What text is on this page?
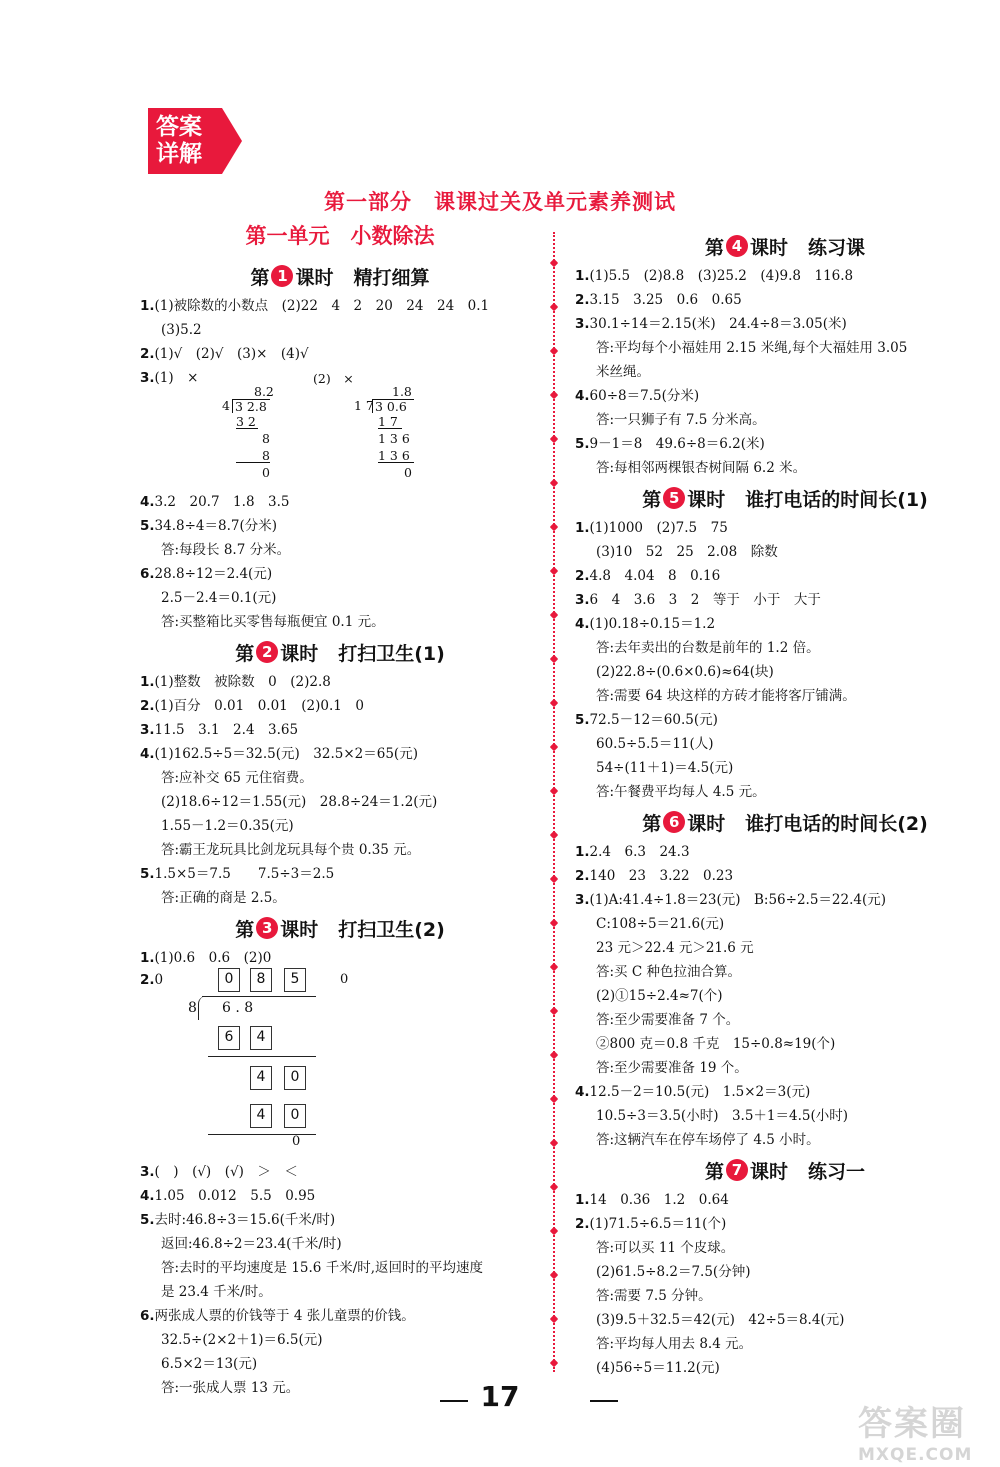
答案
详解
第一部分　课课过关及单元素养测试
第一单元　小数除法
第 1 课时 精打细算
1.(1)被除数的小数点　(2)22　4　2　20　24　24　0.1
(3)5.2
2.(1)√　(2)√　(3)×　(4)√
3.(1)　×	(2)　×
8.2
4 3 2.8
3 2
8
8
0
1.8
1 7 3 0.6
1 7
1 3 6
1 3 6
0
4.3.2　20.7　1.8　3.5
5.34.8÷4＝8.7(分米)
答:每段长 8.7 分米。
6.28.8÷12＝2.4(元)
2.5－2.4＝0.1(元)
答:买整箱比买零售每瓶便宜 0.1 元。
第 2 课时 打扫卫生(1)
1.(1)整数　被除数　0　(2)2.8
2.(1)百分　0.01　0.01　(2)0.1　0
3.11.5　3.1　2.4　3.65
4.(1)162.5÷5＝32.5(元)　32.5×2＝65(元)
答:应补交 65 元住宿费。
(2)18.6÷12＝1.55(元)　28.8÷24＝1.2(元)
1.55－1.2＝0.35(元)
答:霸王龙玩具比剑龙玩具每个贵 0.35 元。
5.1.5×5＝7.5　　7.5÷3＝2.5
答:正确的商是 2.5。
第 3 课时 打扫卫生(2)
1.(1)0.6　0.6　(2)0
2.0	0
0	8	5
8 6 . 8
6	4
4	0
4	0
0
3.(　)　(√)　(√)　＞　＜
4.1.05　0.012　5.5　0.95
5.去时:46.8÷3＝15.6(千米/时)
返回:46.8÷2＝23.4(千米/时)
答:去时的平均速度是 15.6 千米/时,返回时的平均速度
是 23.4 千米/时。
6.两张成人票的价钱等于 4 张儿童票的价钱。
32.5÷(2×2＋1)＝6.5(元)
6.5×2＝13(元)
答:一张成人票 13 元。
第 4 课时 练习课
1.(1)5.5　(2)8.8　(3)25.2　(4)9.8　116.8
2.3.15　3.25　0.6　0.65
3.30.1÷14＝2.15(米)　24.4÷8＝3.05(米)
答:平均每个小福娃用 2.15 米绳,每个大福娃用 3.05
米丝绳。
4.60÷8＝7.5(分米)
答:一只狮子有 7.5 分米高。
5.9－1＝8　49.6÷8＝6.2(米)
答:每相邻两棵银杏树间隔 6.2 米。
第 5 课时 谁打电话的时间长(1)
1.(1)1000　(2)7.5　75
(3)10　52　25　2.08　除数
2.4.8　4.04　8　0.16
3.6　4　3.6　3　2　等于　小于　大于
4.(1)0.18÷0.15＝1.2
答:去年卖出的台数是前年的 1.2 倍。
(2)22.8÷(0.6×0.6)≈64(块)
答:需要 64 块这样的方砖才能将客厅铺满。
5.72.5－12＝60.5(元)
60.5÷5.5＝11(人)
54÷(11＋1)＝4.5(元)
答:午餐费平均每人 4.5 元。
第 6 课时 谁打电话的时间长(2)
1.2.4　6.3　24.3
2.140　23　3.22　0.23
3.(1)A:41.4÷1.8＝23(元)　B:56÷2.5＝22.4(元)
C:108÷5＝21.6(元)
23 元＞22.4 元＞21.6 元
答:买 C 种色拉油合算。
(2)①15÷2.4≈7(个)
答:至少需要准备 7 个。
②800 克＝0.8 千克　15÷0.8≈19(个)
答:至少需要准备 19 个。
4.12.5－2＝10.5(元)　1.5×2＝3(元)
10.5÷3＝3.5(小时)　3.5＋1＝4.5(小时)
答:这辆汽车在停车场停了 4.5 小时。
第 7 课时 练习一
1.14　0.36　1.2　0.64
2.(1)71.5÷6.5＝11(个)
答:可以买 11 个皮球。
(2)61.5÷8.2＝7.5(分钟)
答:需要 7.5 分钟。
(3)9.5＋32.5＝42(元)　42÷5＝8.4(元)
答:平均每人用去 8.4 元。
(4)56÷5＝11.2(元)
17
答案圈
MXQE.COM
